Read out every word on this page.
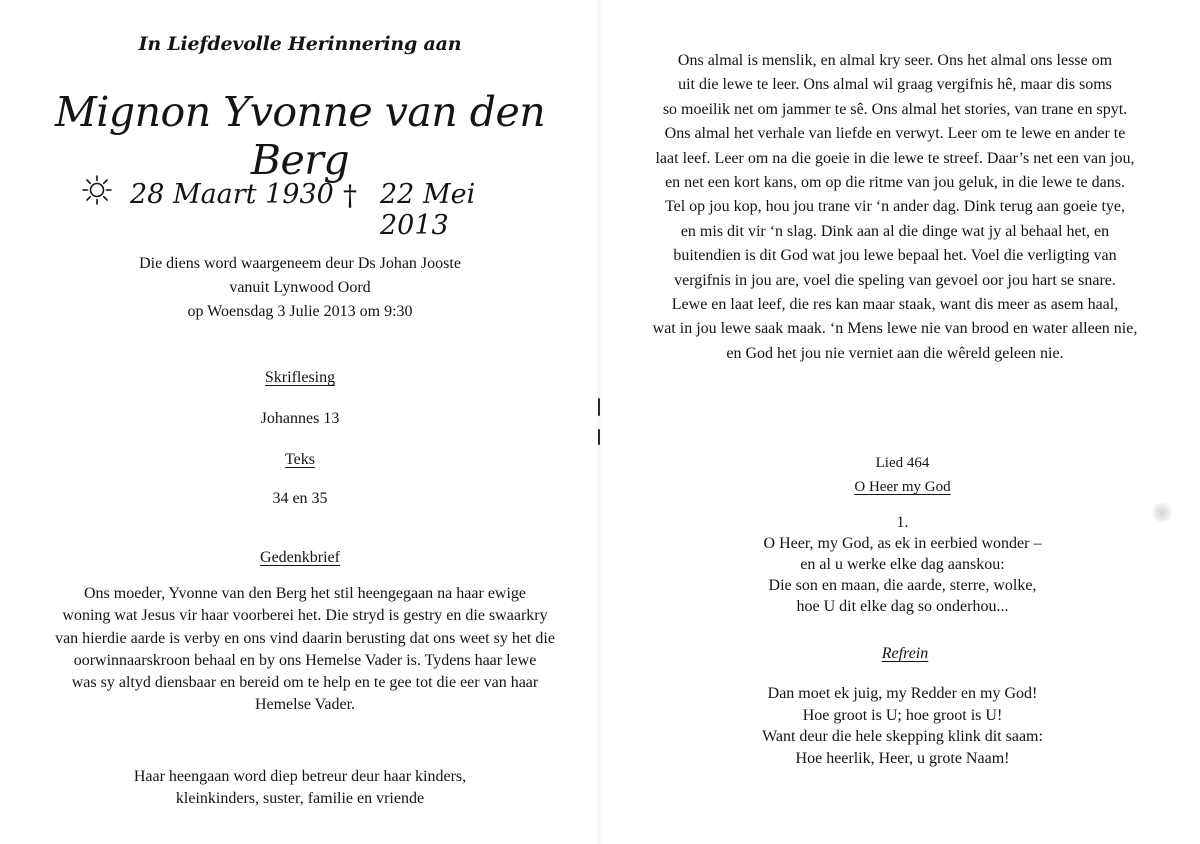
In Liefdevolle Herinnering aan
Mignon Yvonne van den Berg
28 Maart 1930 † 22 Mei 2013
Die diens word waargeneem deur Ds Johan Jooste
vanuit Lynwood Oord
op Woensdag 3 Julie 2013 om 9:30
Skriflesing
Johannes 13
Teks
34 en 35
Gedenkbrief
Ons moeder, Yvonne van den Berg het stil heengegaan na haar ewige
woning wat Jesus vir haar voorberei het. Die stryd is gestry en die swaarkry
van hierdie aarde is verby en ons vind daarin berusting dat ons weet sy het die
oorwinnaarskroon behaal en by ons Hemelse Vader is. Tydens haar lewe
was sy altyd diensbaar en bereid om te help en te gee tot die eer van haar
Hemelse Vader.
Haar heengaan word diep betreur deur haar kinders,
kleinkinders, suster, familie en vriende
Ons almal is menslik, en almal kry seer. Ons het almal ons lesse om
uit die lewe te leer. Ons almal wil graag vergifnis hê, maar dis soms
so moeilik net om jammer te sê. Ons almal het stories, van trane en spyt.
Ons almal het verhale van liefde en verwyt. Leer om te lewe en ander te
laat leef. Leer om na die goeie in die lewe te streef. Daar’s net een van jou,
en net een kort kans, om op die ritme van jou geluk, in die lewe te dans.
Tel op jou kop, hou jou trane vir ‘n ander dag. Dink terug aan goeie tye,
en mis dit vir ‘n slag. Dink aan al die dinge wat jy al behaal het, en
buitendien is dit God wat jou lewe bepaal het. Voel die verligting van
vergifnis in jou are, voel die speling van gevoel oor jou hart se snare.
Lewe en laat leef, die res kan maar staak, want dis meer as asem haal,
wat in jou lewe saak maak. ‘n Mens lewe nie van brood en water alleen nie,
en God het jou nie verniet aan die wêreld geleen nie.
Lied 464
O Heer my God
1.
O Heer, my God, as ek in eerbied wonder –
en al u werke elke dag aanskou:
Die son en maan, die aarde, sterre, wolke,
hoe U dit elke dag so onderhou...
Refrein
Dan moet ek juig, my Redder en my God!
Hoe groot is U; hoe groot is U!
Want deur die hele skepping klink dit saam:
Hoe heerlik, Heer, u grote Naam!
